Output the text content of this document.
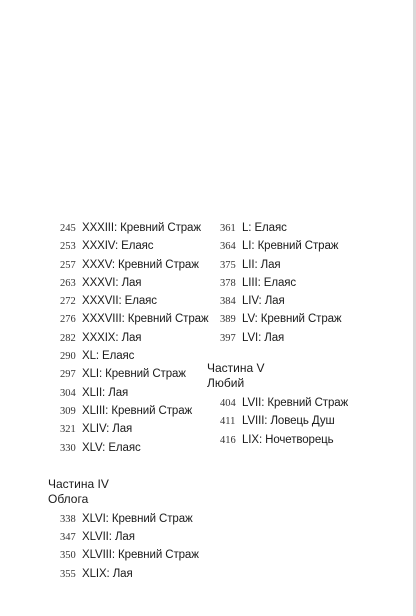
245 XXXIII: Кревний Страж
253 XXXIV: Елаяс
257 XXXV: Кревний Страж
263 XXXVI: Лая
272 XXXVII: Елаяс
276 XXXVIII: Кревний Страж
282 XXXIX: Лая
290 XL: Елаяс
297 XLI: Кревний Страж
304 XLII: Лая
309 XLIII: Кревний Страж
321 XLIV: Лая
330 XLV: Елаяс
Частина IV
Облога
338 XLVI: Кревний Страж
347 XLVII: Лая
350 XLVIII: Кревний Страж
355 XLIX: Лая
361 L: Елаяс
364 LI: Кревний Страж
375 LII: Лая
378 LIII: Елаяс
384 LIV: Лая
389 LV: Кревний Страж
397 LVI: Лая
Частина V
Любий
404 LVII: Кревний Страж
411 LVIII: Ловець Душ
416 LIX: Ночетворець
